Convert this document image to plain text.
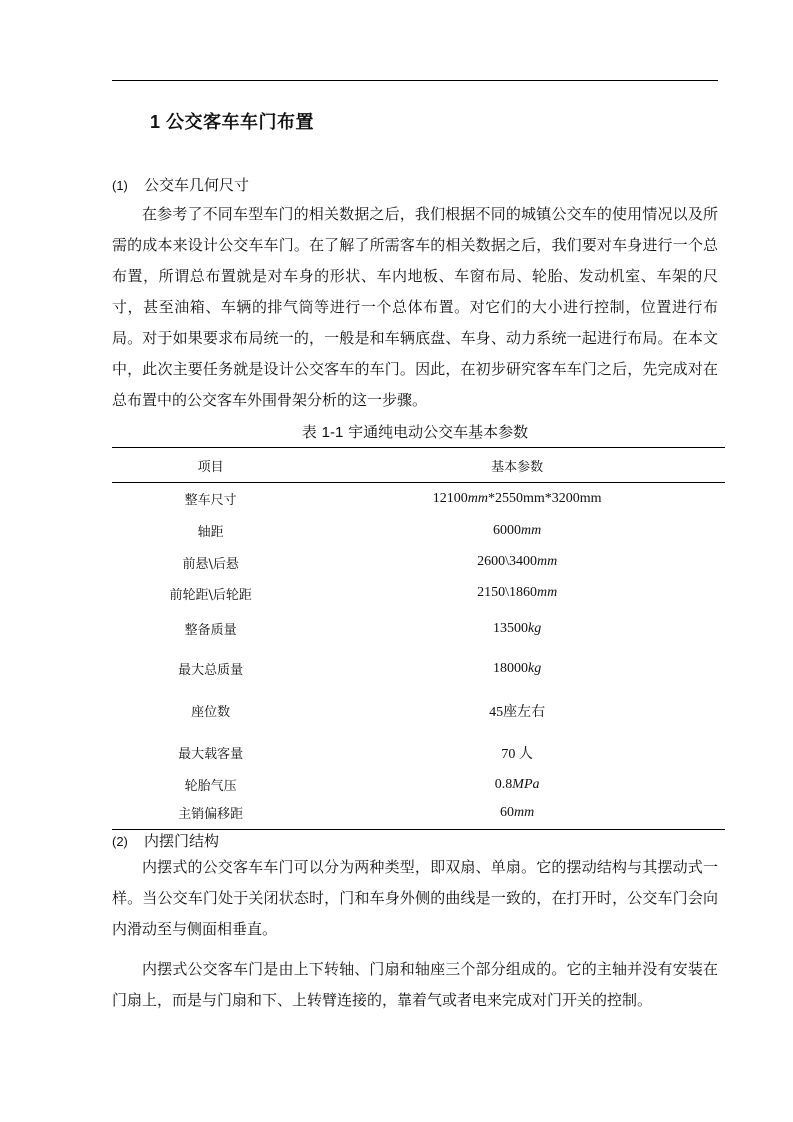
1 公交客车车门布置
(1)	公交车几何尺寸

在参考了不同车型车门的相关数据之后，我们根据不同的城镇公交车的使用情况以及所需的成本来设计公交车车门。在了解了所需客车的相关数据之后，我们要对车身进行一个总布置，所谓总布置就是对车身的形状、车内地板、车窗布局、轮胎、发动机室、车架的尺寸，甚至油箱、车辆的排气筒等进行一个总体布置。对它们的大小进行控制，位置进行布局。对于如果要求布局统一的，一般是和车辆底盘、车身、动力系统一起进行布局。在本文中，此次主要任务就是设计公交客车的车门。因此，在初步研究客车车门之后，先完成对在总布置中的公交客车外围骨架分析的这一步骤。

表 1-1 宇通纯电动公交车基本参数
项目	基本参数
整车尺寸	12100mm*2550mm*3200mm
轴距	6000mm
前悬\后悬	2600\3400mm
前轮距\后轮距	2150\1860mm
整备质量	13500kg
最大总质量	18000kg
座位数	45座左右
最大载客量	70 人
轮胎气压	0.8MPa
主销偏移距	60mm
(2)	内摆门结构

内摆式的公交客车车门可以分为两种类型，即双扇、单扇。它的摆动结构与其摆动式一样。当公交车门处于关闭状态时，门和车身外侧的曲线是一致的，在打开时，公交车门会向内滑动至与侧面相垂直。

内摆式公交客车门是由上下转轴、门扇和轴座三个部分组成的。它的主轴并没有安装在门扇上，而是与门扇和下、上转臂连接的，靠着气或者电来完成对门开关的控制。
